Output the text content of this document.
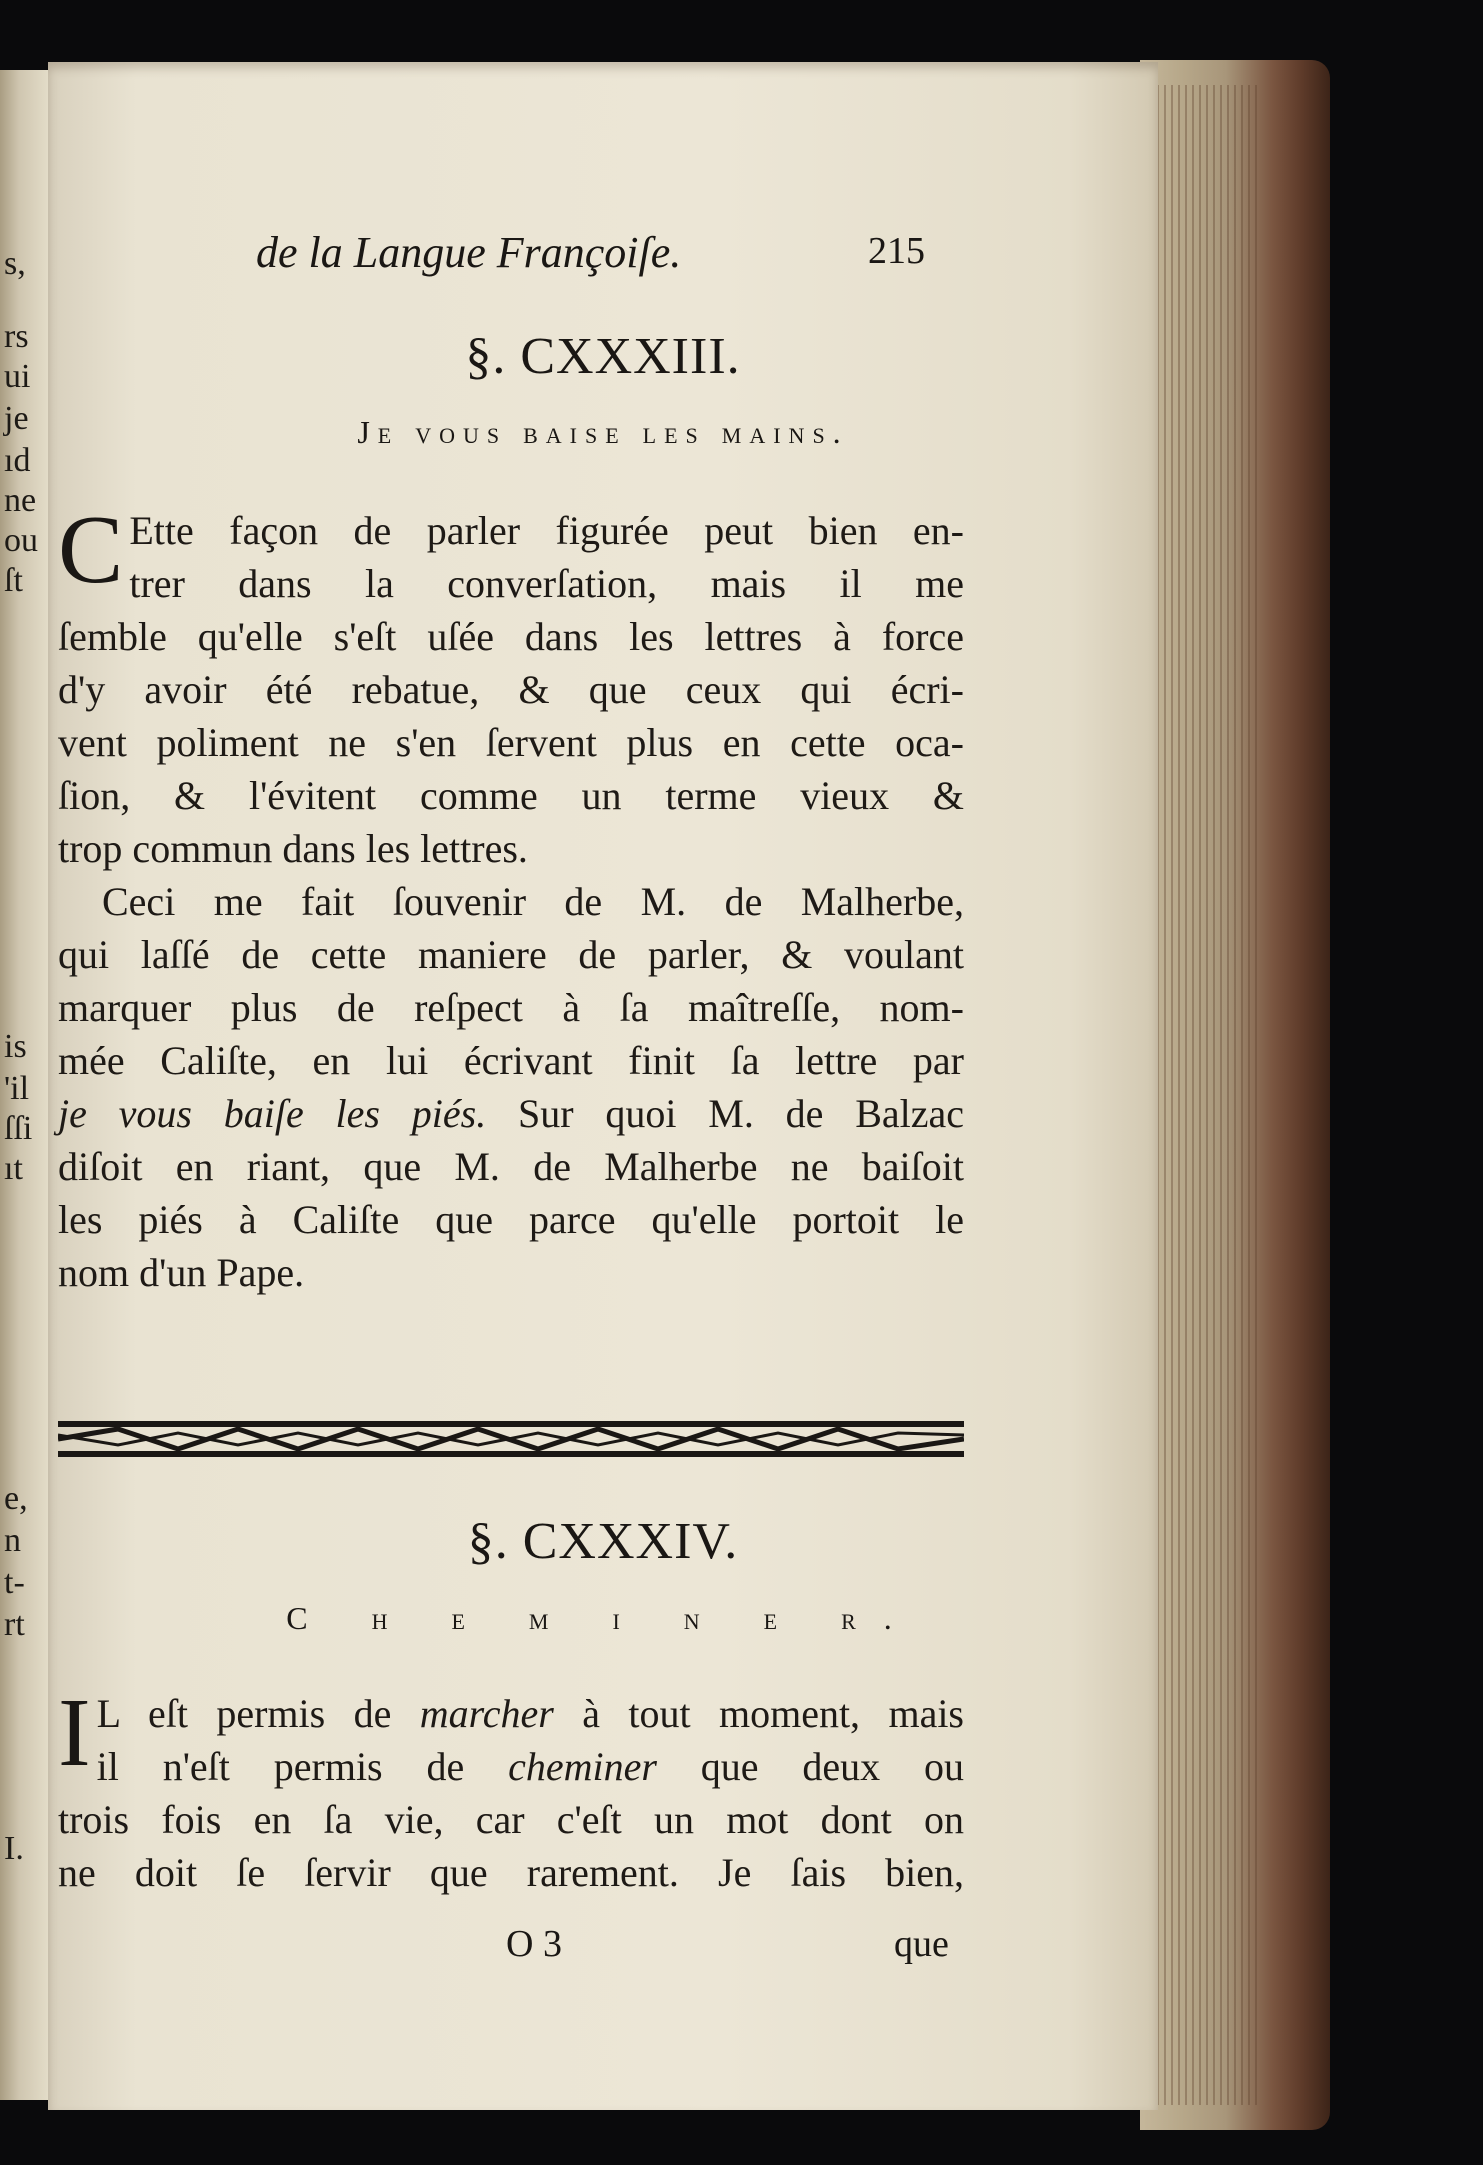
s,
rs
ui
je
ıd
ne
ou
ſt
is
'il
ſſi
ıt
e,
n
t-
rt
I.
de la Langue Françoiſe.	215
§. CXXXIII.
Je vous baise les mains.
C Ette façon de parler figurée peut bien en-
trer dans la converſation, mais il me
ſemble qu'elle s'eſt uſée dans les lettres à force
d'y avoir été rebatue, & que ceux qui écri-
vent poliment ne s'en ſervent plus en cette oca-
ſion, & l'évitent comme un terme vieux &
trop commun dans les lettres.
Ceci me fait ſouvenir de M. de Malherbe,
qui laſſé de cette maniere de parler, & voulant
marquer plus de reſpect à ſa maîtreſſe, nom-
mée Caliſte, en lui écrivant finit ſa lettre par
je vous baiſe les piés. Sur quoi M. de Balzac
diſoit en riant, que M. de Malherbe ne baiſoit
les piés à Caliſte que parce qu'elle portoit le
nom d'un Pape.
§. CXXXIV.
C h e m i n e r.
I L eſt permis de marcher à tout moment, mais
il n'eſt permis de cheminer que deux ou
trois fois en ſa vie, car c'eſt un mot dont on
ne doit ſe ſervir que rarement. Je ſais bien,
O 3	que
